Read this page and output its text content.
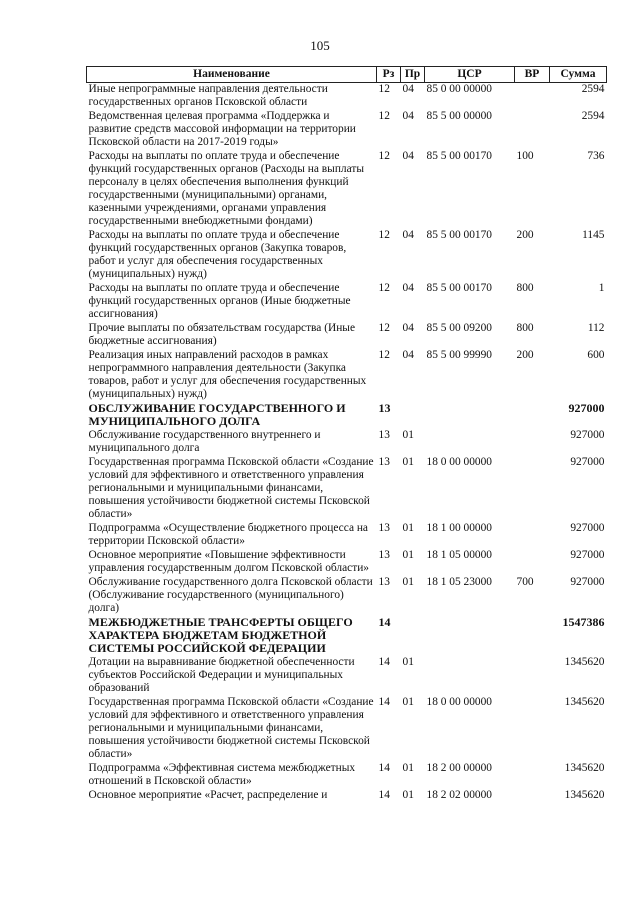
105
Наименование	Рз	Пр	ЦСР	ВР	Сумма
Иные непрограммные направления деятельности государственных органов Псковской области	12	04	85 0 00 00000		2594
Ведомственная целевая программа «Поддержка и развитие средств массовой информации на территории Псковской области на 2017-2019 годы»	12	04	85 5 00 00000		2594
Расходы на выплаты по оплате труда и обеспечение функций государственных органов (Расходы на выплаты персоналу в целях обеспечения выполнения функций государственными (муниципальными) органами, казенными учреждениями, органами управления государственными внебюджетными фондами)	12	04	85 5 00 00170	100	736
Расходы на выплаты по оплате труда и обеспечение функций государственных органов (Закупка товаров, работ и услуг для обеспечения государственных (муниципальных) нужд)	12	04	85 5 00 00170	200	1145
Расходы на выплаты по оплате труда и обеспечение функций государственных органов (Иные бюджетные ассигнования)	12	04	85 5 00 00170	800	1
Прочие выплаты по обязательствам государства (Иные бюджетные ассигнования)	12	04	85 5 00 09200	800	112
Реализация иных направлений расходов в рамках непрограммного направления деятельности (Закупка товаров, работ и услуг для обеспечения государственных (муниципальных) нужд)	12	04	85 5 00 99990	200	600
ОБСЛУЖИВАНИЕ ГОСУДАРСТВЕННОГО И МУНИЦИПАЛЬНОГО ДОЛГА	13				927000
Обслуживание государственного внутреннего и муниципального долга	13	01			927000
Государственная программа Псковской области «Создание условий для эффективного и ответственного управления региональными и муниципальными финансами, повышения устойчивости бюджетной системы Псковской области»	13	01	18 0 00 00000		927000
Подпрограмма «Осуществление бюджетного процесса на территории Псковской области»	13	01	18 1 00 00000		927000
Основное мероприятие «Повышение эффективности управления государственным долгом Псковской области»	13	01	18 1 05 00000		927000
Обслуживание государственного долга Псковской области (Обслуживание государственного (муниципального) долга)	13	01	18 1 05 23000	700	927000
МЕЖБЮДЖЕТНЫЕ ТРАНСФЕРТЫ ОБЩЕГО ХАРАКТЕРА БЮДЖЕТАМ БЮДЖЕТНОЙ СИСТЕМЫ РОССИЙСКОЙ ФЕДЕРАЦИИ	14				1547386
Дотации на выравнивание бюджетной обеспеченности субъектов Российской Федерации и муниципальных образований	14	01			1345620
Государственная программа Псковской области «Создание условий для эффективного и ответственного управления региональными и муниципальными финансами, повышения устойчивости бюджетной системы Псковской области»	14	01	18 0 00 00000		1345620
Подпрограмма «Эффективная система межбюджетных отношений в Псковской области»	14	01	18 2 00 00000		1345620
Основное мероприятие «Расчет, распределение и	14	01	18 2 02 00000		1345620
